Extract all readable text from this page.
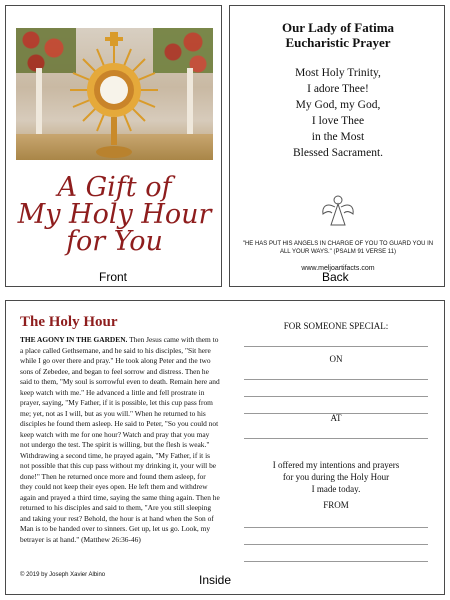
A Gift of
My Holy Hour
for You
Front
Our Lady of Fatima
Eucharistic Prayer
Most Holy Trinity,
I adore Thee!
My God, my God,
I love Thee
in the Most
Blessed Sacrament.
"HE HAS PUT HIS ANGELS IN CHARGE OF YOU TO GUARD YOU IN ALL YOUR WAYS." (PSALM 91 VERSE 11)
www.meljoartifacts.com
Back
The Holy Hour
THE AGONY IN THE GARDEN. Then Jesus came with them to a place called Gethsemane, and he said to his disciples, "Sit here while I go over there and pray." He took along Peter and the two sons of Zebedee, and began to feel sorrow and distress. Then he said to them, "My soul is sorrowful even to death. Remain here and keep watch with me." He advanced a little and fell prostrate in prayer, saying, "My Father, if it is possible, let this cup pass from me; yet, not as I will, but as you will." When he returned to his disciples he found them asleep. He said to Peter, "So you could not keep watch with me for one hour? Watch and pray that you may not undergo the test. The spirit is willing, but the flesh is weak." Withdrawing a second time, he prayed again, "My Father, if it is not possible that this cup pass without my drinking it, your will be done!" Then he returned once more and found them asleep, for they could not keep their eyes open. He left them and withdrew again and prayed a third time, saying the same thing again. Then he returned to his disciples and said to them, "Are you still sleeping and taking your rest? Behold, the hour is at hand when the Son of Man is to be handed over to sinners. Get up, let us go. Look, my betrayer is at hand." (Matthew 26:36-46)
© 2019 by Joseph Xavier Albino
FOR SOMEONE SPECIAL:
ON
AT
I offered my intentions and prayers
for you during the Holy Hour
I made today.
FROM
Inside
